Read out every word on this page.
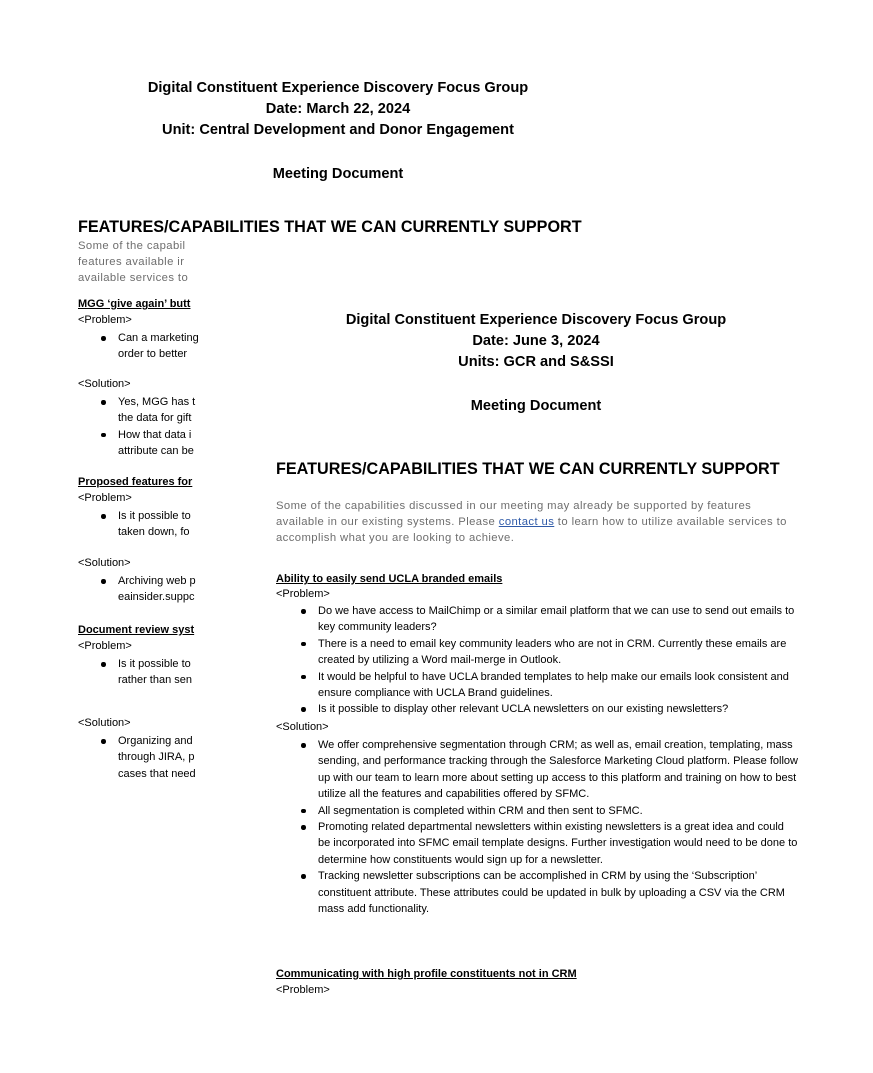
Digital Constituent Experience Discovery Focus Group
Date: March 22, 2024
Unit: Central Development and Donor Engagement
Meeting Document
FEATURES/CAPABILITIES THAT WE CAN CURRENTLY SUPPORT
Some of the capabil
features available ir
available services to
MGG ‘give again’ butt
<Problem>
Can a marketing
order to better
<Solution>
Yes, MGG has t
the data for gift
How that data i
attribute can be
Proposed features for
<Problem>
Is it possible to
taken down, fo
<Solution>
Archiving web p
eainsider.suppc
Document review syst
<Problem>
Is it possible to
rather than sen
<Solution>
Organizing and
through JIRA, p
cases that need
Digital Constituent Experience Discovery Focus Group
Date: June 3, 2024
Units: GCR and S&SSI
Meeting Document
FEATURES/CAPABILITIES THAT WE CAN CURRENTLY SUPPORT
Some of the capabilities discussed in our meeting may already be supported by features available in our existing systems. Please contact us to learn how to utilize available services to accomplish what you are looking to achieve.
Ability to easily send UCLA branded emails
<Problem>
Do we have access to MailChimp or a similar email platform that we can use to send out emails to key community leaders?
There is a need to email key community leaders who are not in CRM. Currently these emails are created by utilizing a Word mail-merge in Outlook.
It would be helpful to have UCLA branded templates to help make our emails look consistent and ensure compliance with UCLA Brand guidelines.
Is it possible to display other relevant UCLA newsletters on our existing newsletters?
<Solution>
We offer comprehensive segmentation through CRM; as well as, email creation, templating, mass sending, and performance tracking through the Salesforce Marketing Cloud platform. Please follow up with our team to learn more about setting up access to this platform and training on how to best utilize all the features and capabilities offered by SFMC.
All segmentation is completed within CRM and then sent to SFMC.
Promoting related departmental newsletters within existing newsletters is a great idea and could be incorporated into SFMC email template designs. Further investigation would need to be done to determine how constituents would sign up for a newsletter.
Tracking newsletter subscriptions can be accomplished in CRM by using the ‘Subscription’ constituent attribute. These attributes could be updated in bulk by uploading a CSV via the CRM mass add functionality.
Communicating with high profile constituents not in CRM
<Problem>
